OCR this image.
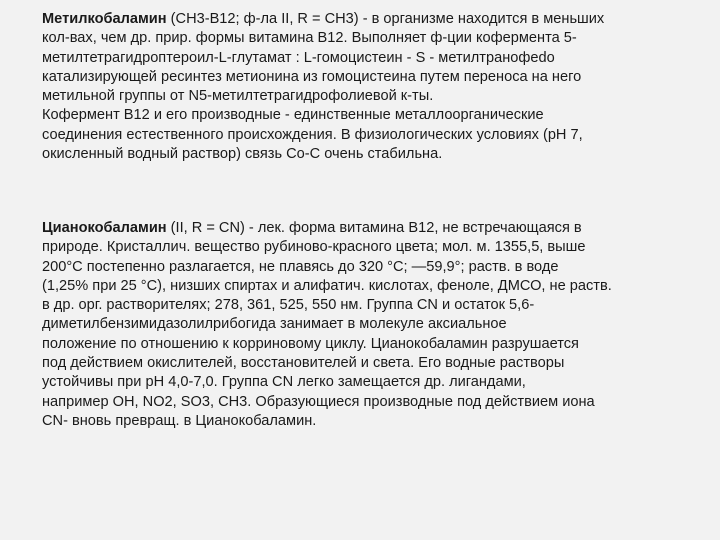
Метилкобаламин (CH3-B12; ф-ла II, R = CH3) - в организме находится в меньших
кол-вах, чем др. прир. формы витамина В12. Выполняет ф-ции кофермента 5-
метилтетрагидроптероил-L-глутамат : L-гомоцистеин - S - метилтранофеdo
катализирующей ресинтез метионина из гомоцистеина путем переноса на него
метильной группы от N5-метилтетрагидрофолиевой к-ты.
Кофермент B12 и его производные - единственные металлоорганические
соединения естественного происхождения. В физиологических условиях (pH 7,
окисленный водный раствор) связь Co-C очень стабильна.
Цианокобаламин (II, R = CN) - лек. форма витамина B12, не встречающаяся в
природе. Кристаллич. вещество рубиново-красного цвета; мол. м. 1355,5, выше
200°С постепенно разлагается, не плавясь до 320 °С; —59,9°; раств. в воде
(1,25% при 25 °С), низших спиртах и алифатич. кислотах, феноле, ДМСО, не раств.
в др. орг. растворителях; 278, 361, 525, 550 нм. Группа CN и остаток 5,6-
диметилбензимидазолилрибогида занимает в молекуле аксиальное
положение по отношению к корриновому циклу. Цианокобаламин разрушается
под действием окислителей, восстановителей и света. Его водные растворы
устойчивы при pH 4,0-7,0. Группа CN легко замещается др. лигандами,
например OH, NO2, SO3, CH3. Образующиеся производные под действием иона
CN- вновь превращ. в Цианокобаламин.
